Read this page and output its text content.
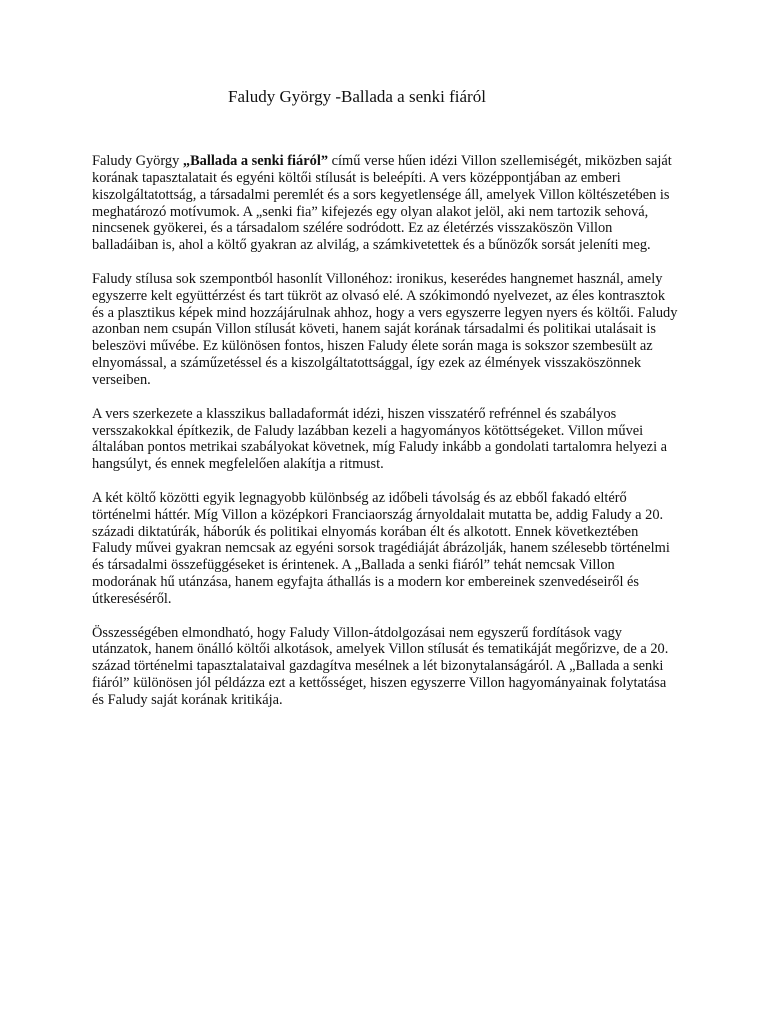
Faludy György -Ballada a senki fiáról

Faludy György „Ballada a senki fiáról” című verse hűen idézi Villon szellemiségét, miközben saját korának tapasztalatait és egyéni költői stílusát is beleépíti. A vers középpontjában az emberi kiszolgáltatottság, a társadalmi peremlét és a sors kegyetlensége áll, amelyek Villon költészetében is meghatározó motívumok. A „senki fia” kifejezés egy olyan alakot jelöl, aki nem tartozik sehová, nincsenek gyökerei, és a társadalom szélére sodródott. Ez az életérzés visszaköszön Villon balladáiban is, ahol a költő gyakran az alvilág, a számkivetettek és a bűnözők sorsát jeleníti meg.

Faludy stílusa sok szempontból hasonlít Villonéhoz: ironikus, keserédes hangnemet használ, amely egyszerre kelt együttérzést és tart tükröt az olvasó elé. A szókimondó nyelvezet, az éles kontrasztok és a plasztikus képek mind hozzájárulnak ahhoz, hogy a vers egyszerre legyen nyers és költői. Faludy azonban nem csupán Villon stílusát követi, hanem saját korának társadalmi és politikai utalásait is beleszövi művébe. Ez különösen fontos, hiszen Faludy élete során maga is sokszor szembesült az elnyomással, a száműzetéssel és a kiszolgáltatottsággal, így ezek az élmények visszaköszönnek verseiben.

A vers szerkezete a klasszikus balladaformát idézi, hiszen visszatérő refrénnel és szabályos versszakokkal építkezik, de Faludy lazábban kezeli a hagyományos kötöttségeket. Villon művei általában pontos metrikai szabályokat követnek, míg Faludy inkább a gondolati tartalomra helyezi a hangsúlyt, és ennek megfelelően alakítja a ritmust.

A két költő közötti egyik legnagyobb különbség az időbeli távolság és az ebből fakadó eltérő történelmi háttér. Míg Villon a középkori Franciaország árnyoldalait mutatta be, addig Faludy a 20. századi diktatúrák, háborúk és politikai elnyomás korában élt és alkotott. Ennek következtében Faludy művei gyakran nemcsak az egyéni sorsok tragédiáját ábrázolják, hanem szélesebb történelmi és társadalmi összefüggéseket is érintenek. A „Ballada a senki fiáról” tehát nemcsak Villon modorának hű utánzása, hanem egyfajta áthallás is a modern kor embereinek szenvedéseiről és útkereséséről.

Összességében elmondható, hogy Faludy Villon-átdolgozásai nem egyszerű fordítások vagy utánzatok, hanem önálló költői alkotások, amelyek Villon stílusát és tematikáját megőrizve, de a 20. század történelmi tapasztalataival gazdagítva mesélnek a lét bizonytalanságáról. A „Ballada a senki fiáról” különösen jól példázza ezt a kettősséget, hiszen egyszerre Villon hagyományainak folytatása és Faludy saját korának kritikája.
